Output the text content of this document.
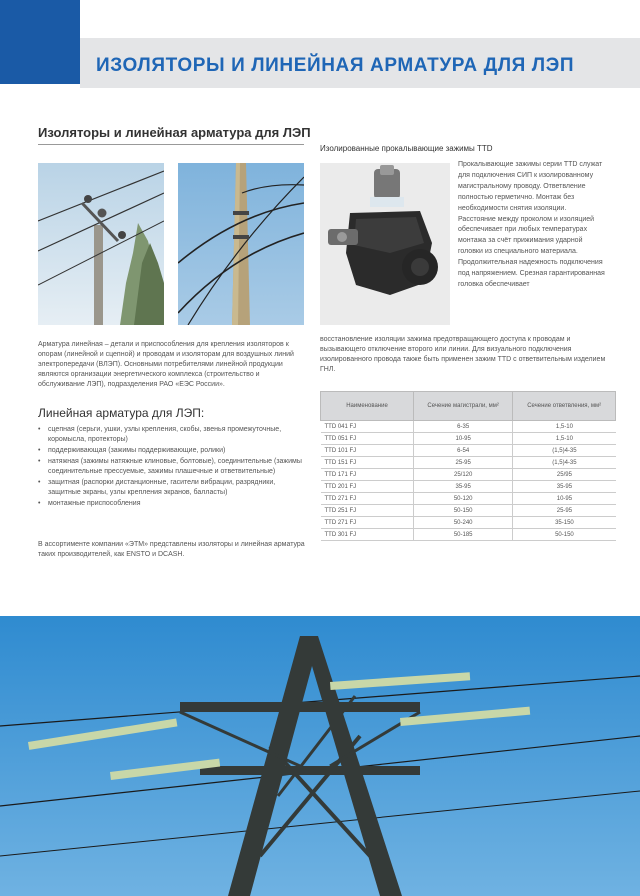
ИЗОЛЯТОРЫ И ЛИНЕЙНАЯ АРМАТУРА ДЛЯ ЛЭП
Изоляторы и линейная арматура для ЛЭП

Арматура линейная – детали и приспособления для крепления изоляторов к опорам (линейной и сцепной) и проводам и изоляторам для воздушных линий электропередачи (ВЛЭП). Основными потребителями линейной продукции являются организации энергетического комплекса (строительство и обслуживание ЛЭП), подразделения РАО «ЕЭС России».

Линейная арматура для ЛЭП:
• сцепная (серьги, ушки, узлы крепления, скобы, звенья промежуточные, коромысла, протекторы)
• поддерживающая (зажимы поддерживающие, ролики)
• натяжная (зажимы натяжные клиновые, болтовые), соединительные (зажимы соединительные прессуемые, зажимы плашечные и ответвительные)
• защитная (распорки дистанционные, гасители вибрации, разрядники, защитные экраны, узлы крепления экранов, балласты)
• монтажные приспособления

В ассортименте компании «ЭТМ» представлены изоляторы и линейная арматура таких производителей, как ENSTO и DCASH.

Изолированные прокалывающие зажимы TTD

Прокалывающие зажимы серии TTD служат для подключения СИП к изолированному магистральному проводу. Ответвление полностью герметично. Монтаж без необходимости снятия изоляции. Расстояние между проколом и изоляцией обеспечивает при любых температурах монтажа за счёт прижимания ударной головки из специального материала. Продолжительная надежность подключения под напряжением. Срезная гарантированная головка обеспечивает

восстановление изоляции зажима предотвращающего доступа к проводам и вызывающего отключение второго или линии. Для визуального подключения изолированного провода также быть применен зажим TTD с ответвительным изделием ГНЛ.

Наименование	Сечение магистрали, мм²	Сечение ответвления, мм²
TTD 041 FJ	6-35	1,5-10
TTD 051 FJ	10-95	1,5-10
TTD 101 FJ	6-54	(1,5)4-35
TTD 151 FJ	25-95	(1,5)4-35
TTD 171 FJ	25/120	25/95
TTD 201 FJ	35-95	35-95
TTD 271 FJ	50-120	10-95
TTD 251 FJ	50-150	25-95
TTD 271 FJ	50-240	35-150
TTD 301 FJ	50-185	50-150
